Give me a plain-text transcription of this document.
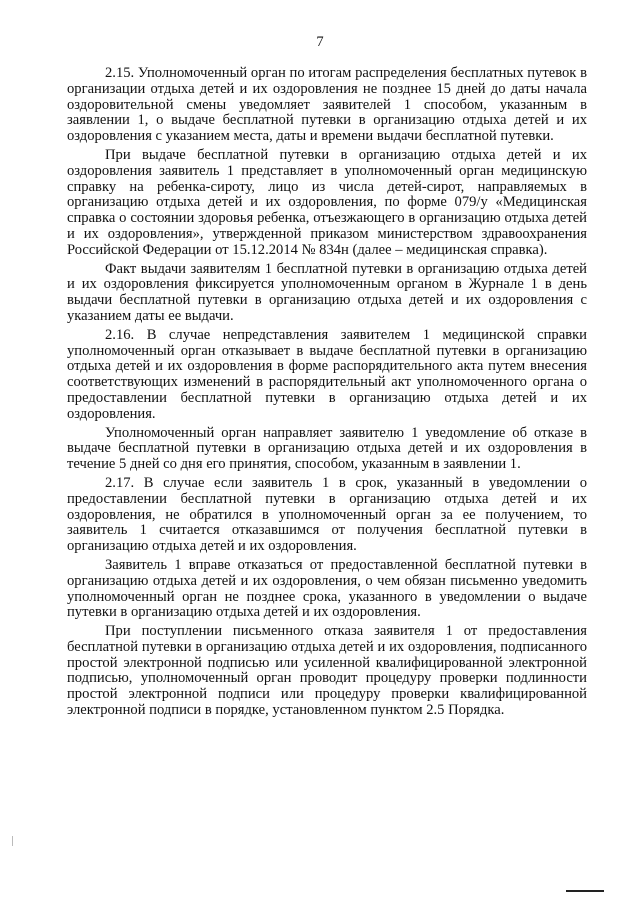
7

2.15. Уполномоченный орган по итогам распределения бесплатных путевок в организации отдыха детей и их оздоровления не позднее 15 дней до даты начала оздоровительной смены уведомляет заявителей 1 способом, указанным в заявлении 1, о выдаче бесплатной путевки в организацию отдыха детей и их оздоровления с указанием места, даты и времени выдачи бесплатной путевки.

При выдаче бесплатной путевки в организацию отдыха детей и их оздоровления заявитель 1 представляет в уполномоченный орган медицинскую справку на ребенка-сироту, лицо из числа детей-сирот, направляемых в организацию отдыха детей и их оздоровления, по форме 079/у «Медицинская справка о состоянии здоровья ребенка, отъезжающего в организацию отдыха детей и их оздоровления», утвержденной приказом министерством здравоохранения Российской Федерации от 15.12.2014 № 834н (далее – медицинская справка).

Факт выдачи заявителям 1 бесплатной путевки в организацию отдыха детей и их оздоровления фиксируется уполномоченным органом в Журнале 1 в день выдачи бесплатной путевки в организацию отдыха детей и их оздоровления с указанием даты ее выдачи.

2.16. В случае непредставления заявителем 1 медицинской справки уполномоченный орган отказывает в выдаче бесплатной путевки в организацию отдыха детей и их оздоровления в форме распорядительного акта путем внесения соответствующих изменений в распорядительный акт уполномоченного органа о предоставлении бесплатной путевки в организацию отдыха детей и их оздоровления.

Уполномоченный орган направляет заявителю 1 уведомление об отказе в выдаче бесплатной путевки в организацию отдыха детей и их оздоровления в течение 5 дней со дня его принятия, способом, указанным в заявлении 1.

2.17. В случае если заявитель 1 в срок, указанный в уведомлении о предоставлении бесплатной путевки в организацию отдыха детей и их оздоровления, не обратился в уполномоченный орган за ее получением, то заявитель 1 считается отказавшимся от получения бесплатной путевки в организацию отдыха детей и их оздоровления.

Заявитель 1 вправе отказаться от предоставленной бесплатной путевки в организацию отдыха детей и их оздоровления, о чем обязан письменно уведомить уполномоченный орган не позднее срока, указанного в уведомлении о выдаче путевки в организацию отдыха детей и их оздоровления.

При поступлении письменного отказа заявителя 1 от предоставления бесплатной путевки в организацию отдыха детей и их оздоровления, подписанного простой электронной подписью или усиленной квалифицированной электронной подписью, уполномоченный орган проводит процедуру проверки подлинности простой электронной подписи или процедуру проверки квалифицированной электронной подписи в порядке, установленном пунктом 2.5 Порядка.
